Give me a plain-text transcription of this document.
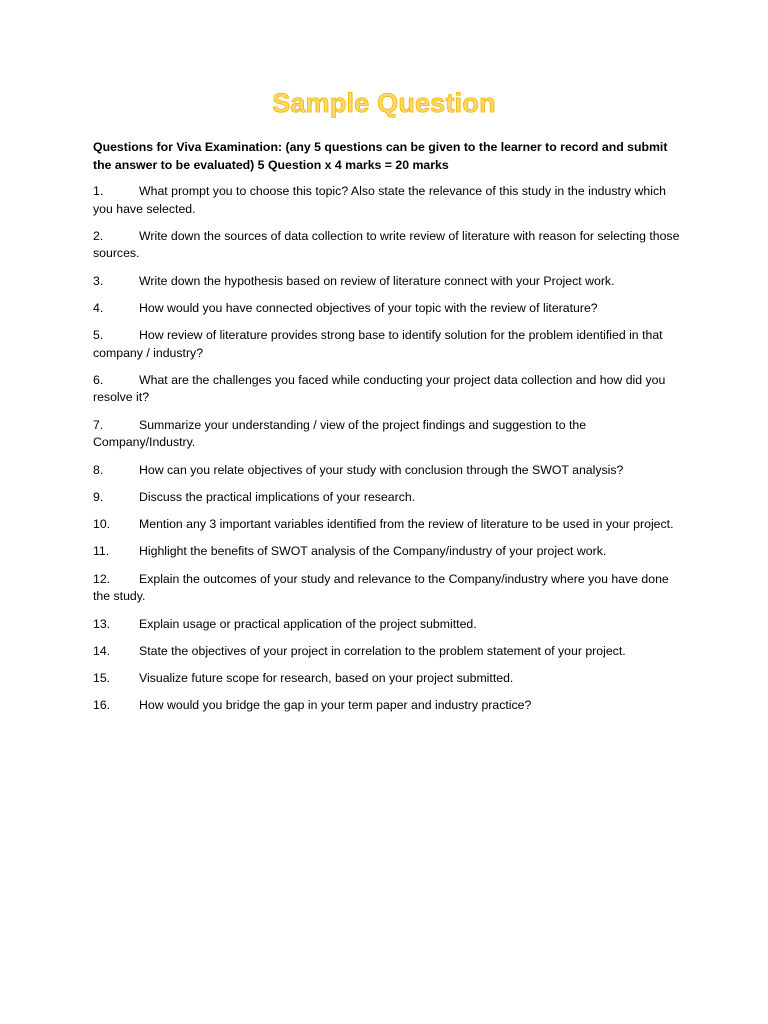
Sample Question

Questions for Viva Examination: (any 5 questions can be given to the learner to record and submit the answer to be evaluated) 5 Question x 4 marks = 20 marks

1.	What prompt you to choose this topic? Also state the relevance of this study in the industry which you have selected.
2.	Write down the sources of data collection to write review of literature with reason for selecting those sources.
3.	Write down the hypothesis based on review of literature connect with your Project work.
4.	How would you have connected objectives of your topic with the review of literature?
5.	How review of literature provides strong base to identify solution for the problem identified in that company / industry?
6.	What are the challenges you faced while conducting your project data collection and how did you resolve it?
7.	Summarize your understanding / view of the project findings and suggestion to the Company/Industry.
8.	How can you relate objectives of your study with conclusion through the SWOT analysis?
9.	Discuss the practical implications of your research.
10. Mention any 3 important variables identified from the review of literature to be used in your project.
11. Highlight the benefits of SWOT analysis of the Company/industry of your project work.
12. Explain the outcomes of your study and relevance to the Company/industry where you have done the study.
13. Explain usage or practical application of the project submitted.
14. State the objectives of your project in correlation to the problem statement of your project.
15. Visualize future scope for research, based on your project submitted.
16. How would you bridge the gap in your term paper and industry practice?
